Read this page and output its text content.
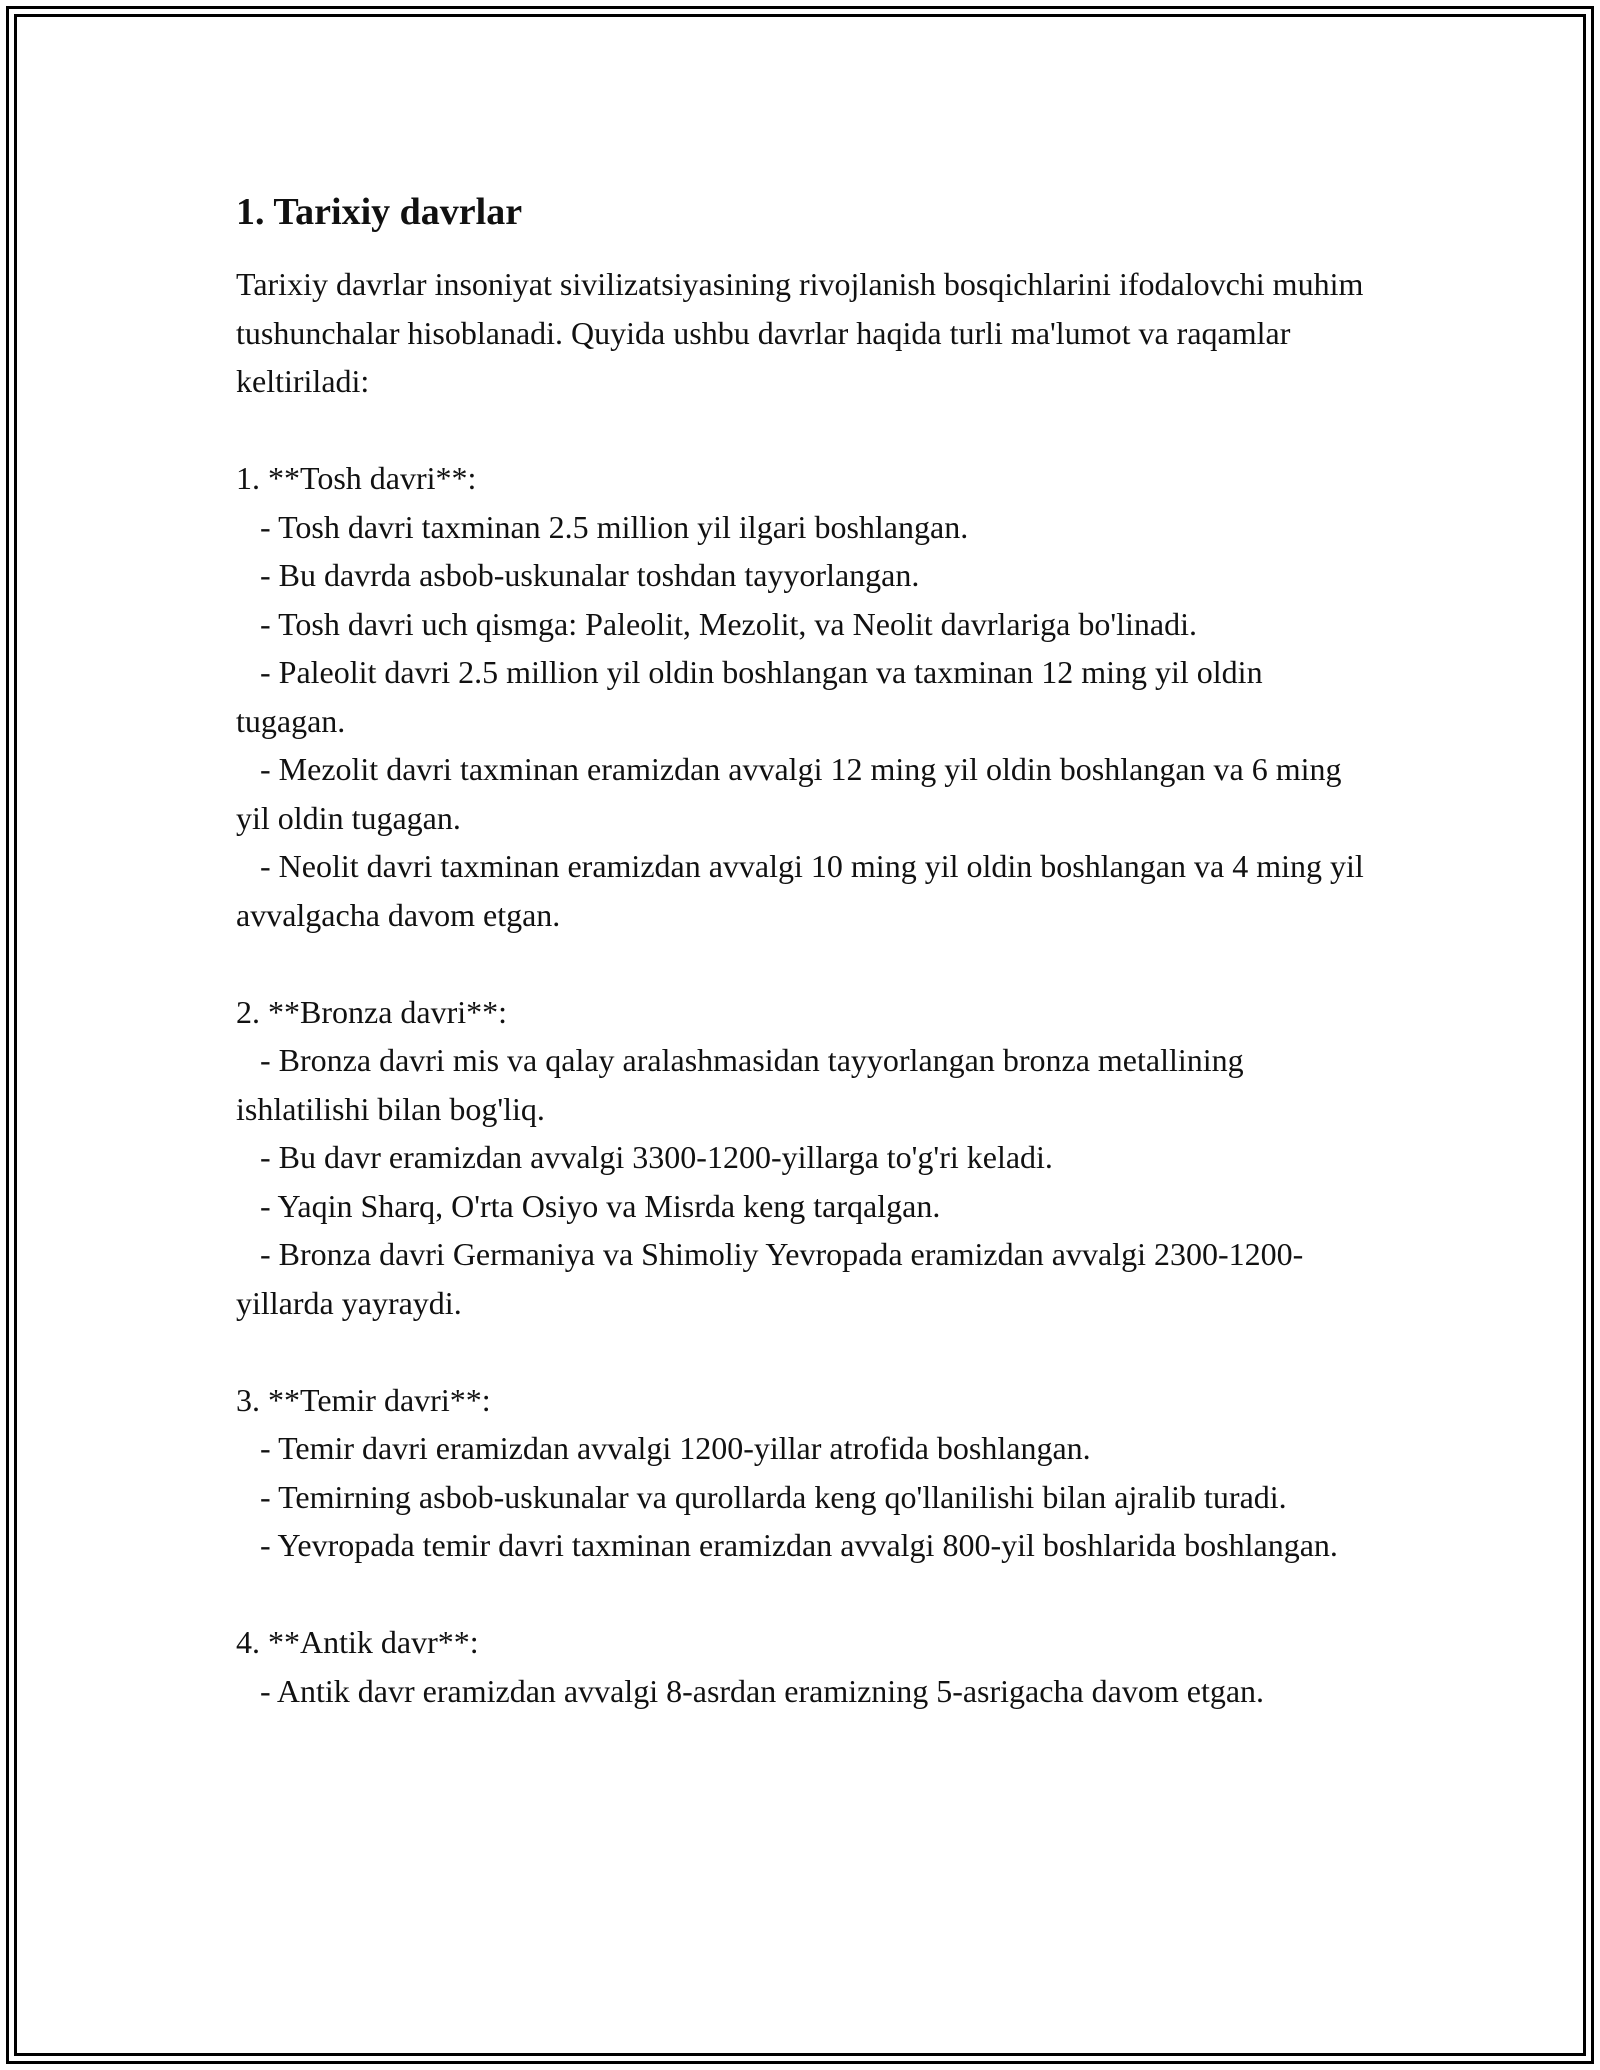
1. Tarixiy davrlar

Tarixiy davrlar insoniyat sivilizatsiyasining rivojlanish bosqichlarini ifodalovchi muhim tushunchalar hisoblanadi. Quyida ushbu davrlar haqida turli ma'lumot va raqamlar keltiriladi:

1. **Tosh davri**:

- Tosh davri taxminan 2.5 million yil ilgari boshlangan.

- Bu davrda asbob-uskunalar toshdan tayyorlangan.

- Tosh davri uch qismga: Paleolit, Mezolit, va Neolit davrlariga bo'linadi.

- Paleolit davri 2.5 million yil oldin boshlangan va taxminan 12 ming yil oldin tugagan.

- Mezolit davri taxminan eramizdan avvalgi 12 ming yil oldin boshlangan va 6 ming yil oldin tugagan.

- Neolit davri taxminan eramizdan avvalgi 10 ming yil oldin boshlangan va 4 ming yil avvalgacha davom etgan.

2. **Bronza davri**:

- Bronza davri mis va qalay aralashmasidan tayyorlangan bronza metallining ishlatilishi bilan bog'liq.

- Bu davr eramizdan avvalgi 3300-1200-yillarga to'g'ri keladi.

- Yaqin Sharq, O'rta Osiyo va Misrda keng tarqalgan.

- Bronza davri Germaniya va Shimoliy Yevropada eramizdan avvalgi 2300-1200-yillarda yayraydi.

3. **Temir davri**:

- Temir davri eramizdan avvalgi 1200-yillar atrofida boshlangan.

- Temirning asbob-uskunalar va qurollarda keng qo'llanilishi bilan ajralib turadi.

- Yevropada temir davri taxminan eramizdan avvalgi 800-yil boshlarida boshlangan.

4. **Antik davr**:

- Antik davr eramizdan avvalgi 8-asrdan eramizning 5-asrigacha davom etgan.
